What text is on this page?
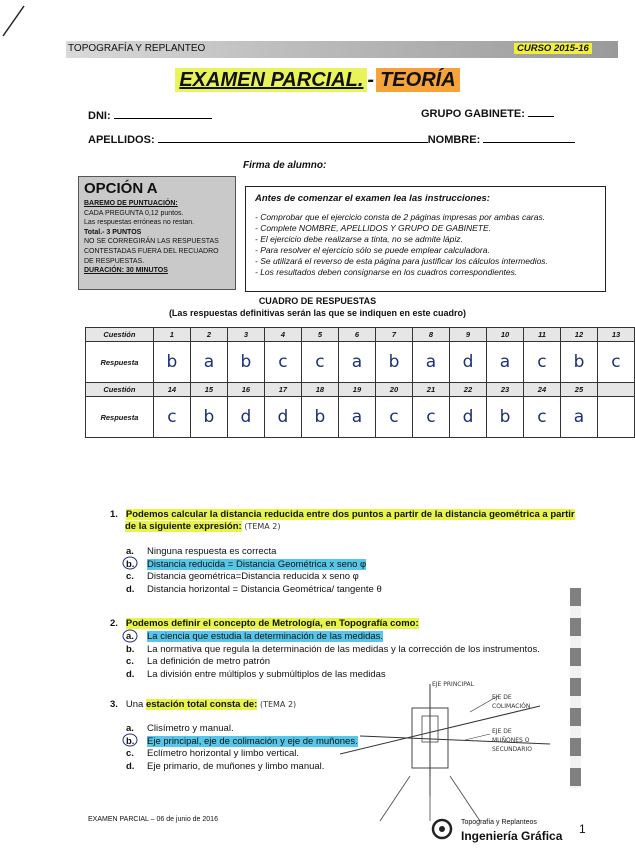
TOPOGRAFÍA Y REPLANTEO	CURSO 2015-16
EXAMEN PARCIAL. - TEORÍA
DNI:	GRUPO GABINETE:
APELLIDOS:	NOMBRE:
Firma de alumno:

OPCIÓN A

BAREMO DE PUNTUACIÓN:
CADA PREGUNTA 0,12 puntos.
Las respuestas erróneas no restan.
Total.- 3 PUNTOS
NO SE CORREGIRÁN LAS RESPUESTAS
CONTESTADAS FUERA DEL RECUADRO
DE RESPUESTAS.
DURACIÓN: 30 MINUTOS
Antes de comenzar el examen lea las instrucciones:
- Comprobar que el ejercicio consta de 2 páginas impresas por ambas caras.
- Complete NOMBRE, APELLIDOS Y GRUPO DE GABINETE.
- El ejercicio debe realizarse a tinta, no se admite lápiz.
- Para resolver el ejercicio sólo se puede emplear calculadora.
- Se utilizará el reverso de esta página para justificar los cálculos intermedios.
- Los resultados deben consignarse en los cuadros correspondientes.
CUADRO DE RESPUESTAS
(Las respuestas definitivas serán las que se indiquen en este cuadro)
Cuestión	1	2	3	4	5	6	7	8	9	10	11	12	13
Respuesta	b	a	b	c	c	a	b	a	d	a	c	b	c
Cuestión	14	15	16	17	18	19	20	21	22	23	24	25	
Respuesta	c	b	d	d	b	a	c	c	d	b	c	a	
1. Podemos calcular la distancia reducida entre dos puntos a partir de la distancia geométrica a partir
de la siguiente expresión: (TEMA 2)
a. Ninguna respuesta es correcta
b. Distancia reducida = Distancia Geométrica x seno φ
c. Distancia geométrica=Distancia reducida x seno φ
d. Distancia horizontal = Distancia Geométrica/ tangente θ
2. Podemos definir el concepto de Metrología, en Topografía como:
a. La ciencia que estudia la determinación de las medidas.
b. La normativa que regula la determinación de las medidas y la corrección de los instrumentos.
c. La definición de metro patrón
d. La división entre múltiplos y submúltiplos de las medidas
3. Una estación total consta de: (TEMA 2)
a. Clisímetro y manual.
b. Eje principal, eje de colimación y eje de muñones.
c. Eclímetro horizontal y limbo vertical.
d. Eje primario, de muñones y limbo manual.
EJE PRINCIPAL
EJE DE
COLIMACIÓN
EJE DE
MUÑONES O
SECUNDARIO
EXAMEN PARCIAL – 06 de junio de 2016	Topografía y Replanteos
Ingeniería Gráfica 1
